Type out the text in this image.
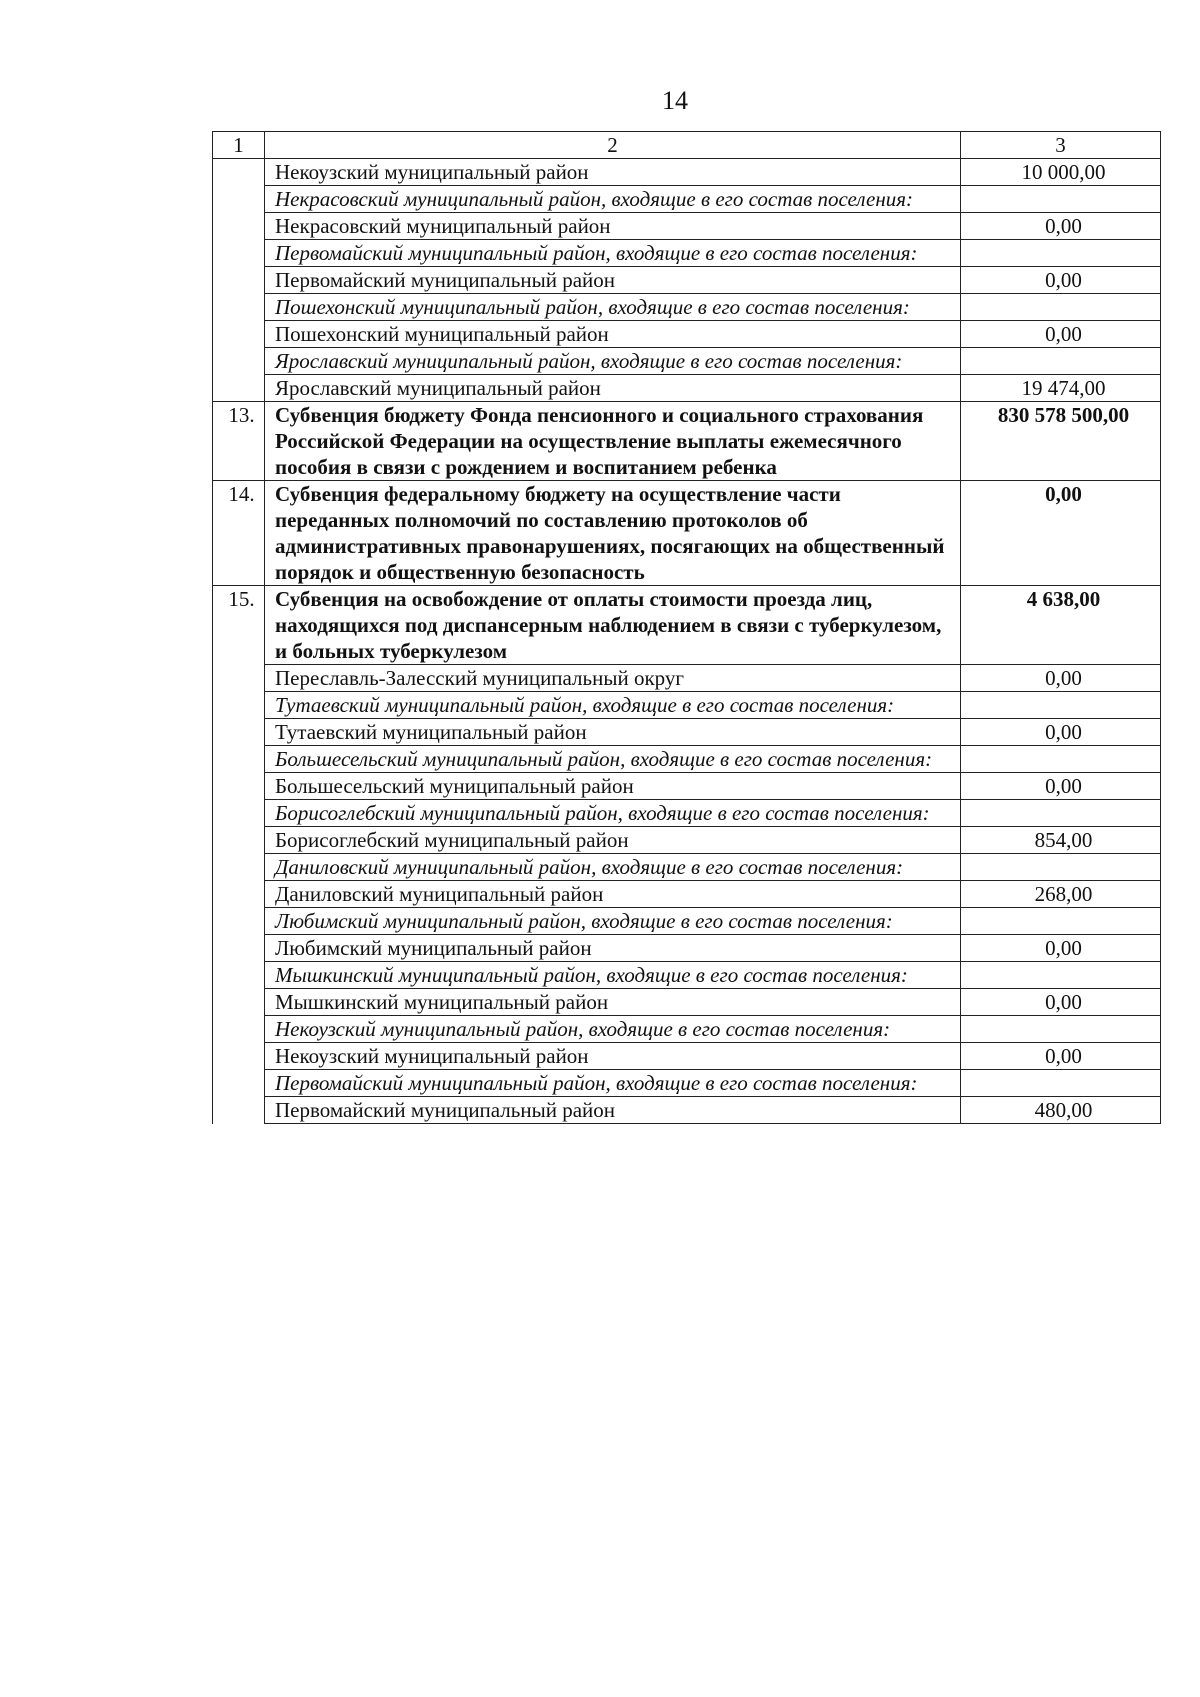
14
1	2	3
	Некоузский муниципальный район	10 000,00
	Некрасовский муниципальный район, входящие в его состав поселения:	
	Некрасовский муниципальный район	0,00
	Первомайский муниципальный район, входящие в его состав поселения:	
	Первомайский муниципальный район	0,00
	Пошехонский муниципальный район, входящие в его состав поселения:	
	Пошехонский муниципальный район	0,00
	Ярославский муниципальный район, входящие в его состав поселения:	
	Ярославский муниципальный район	19 474,00
13.	Субвенция бюджету Фонда пенсионного и социального страхования Российской Федерации на осуществление выплаты ежемесячного пособия в связи с рождением и воспитанием ребенка	830 578 500,00
14.	Субвенция федеральному бюджету на осуществление части переданных полномочий по составлению протоколов об административных правонарушениях, посягающих на общественный порядок и общественную безопасность	0,00
15.	Субвенция на освобождение от оплаты стоимости проезда лиц, находящихся под диспансерным наблюдением в связи с туберкулезом, и больных туберкулезом	4 638,00
	Переславль-Залесский муниципальный округ	0,00
	Тутаевский муниципальный район, входящие в его состав поселения:	
	Тутаевский муниципальный район	0,00
	Большесельский муниципальный район, входящие в его состав поселения:	
	Большесельский муниципальный район	0,00
	Борисоглебский муниципальный район, входящие в его состав поселения:	
	Борисоглебский муниципальный район	854,00
	Даниловский муниципальный район, входящие в его состав поселения:	
	Даниловский муниципальный район	268,00
	Любимский муниципальный район, входящие в его состав поселения:	
	Любимский муниципальный район	0,00
	Мышкинский муниципальный район, входящие в его состав поселения:	
	Мышкинский муниципальный район	0,00
	Некоузский муниципальный район, входящие в его состав поселения:	
	Некоузский муниципальный район	0,00
	Первомайский муниципальный район, входящие в его состав поселения:	
	Первомайский муниципальный район	480,00
